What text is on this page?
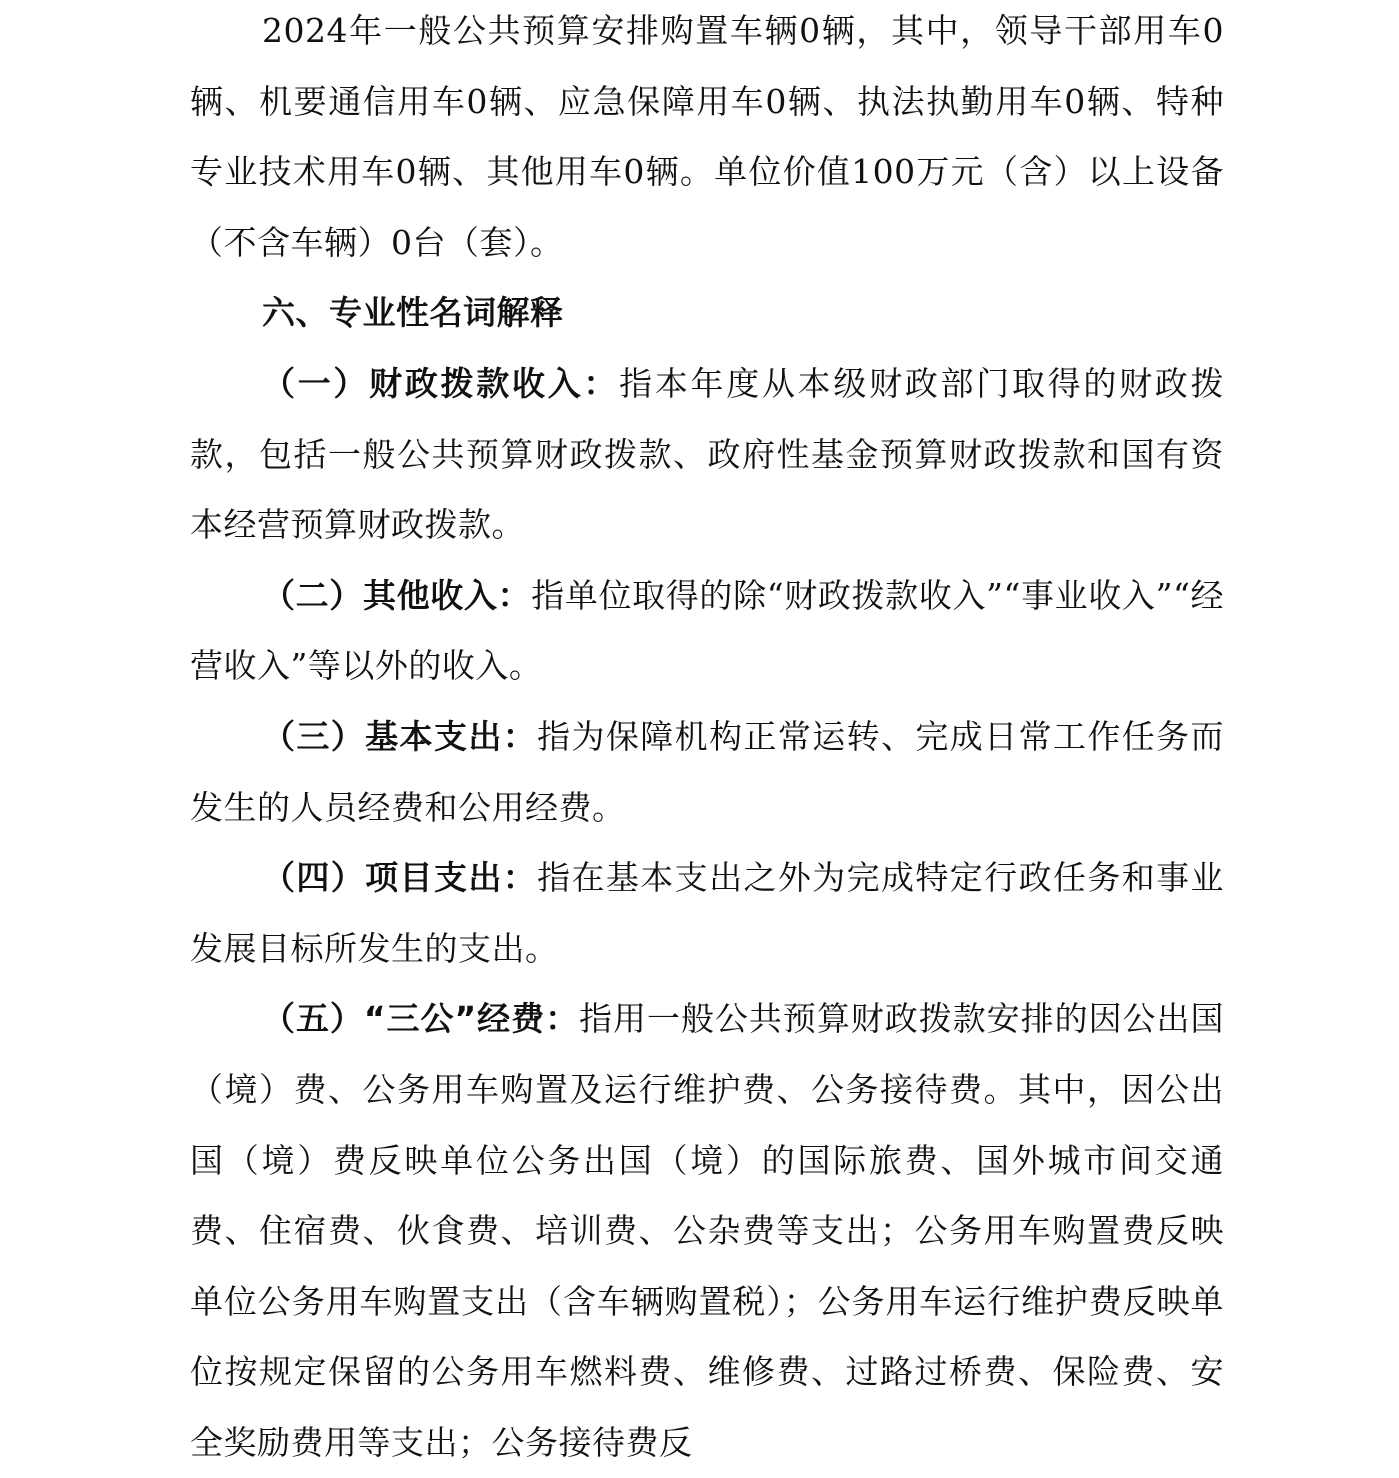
2024年一般公共预算安排购置车辆0辆，其中，领导干部用车0辆、机要通信用车0辆、应急保障用车0辆、执法执勤用车0辆、特种专业技术用车0辆、其他用车0辆。单位价值100万元（含）以上设备（不含车辆）0台（套）。

六、专业性名词解释

（一）财政拨款收入：指本年度从本级财政部门取得的财政拨款，包括一般公共预算财政拨款、政府性基金预算财政拨款和国有资本经营预算财政拨款。

（二）其他收入：指单位取得的除“财政拨款收入”“事业收入”“经营收入”等以外的收入。

（三）基本支出：指为保障机构正常运转、完成日常工作任务而发生的人员经费和公用经费。

（四）项目支出：指在基本支出之外为完成特定行政任务和事业发展目标所发生的支出。

（五）“三公”经费：指用一般公共预算财政拨款安排的因公出国（境）费、公务用车购置及运行维护费、公务接待费。其中，因公出国（境）费反映单位公务出国（境）的国际旅费、国外城市间交通费、住宿费、伙食费、培训费、公杂费等支出；公务用车购置费反映单位公务用车购置支出（含车辆购置税）；公务用车运行维护费反映单位按规定保留的公务用车燃料费、维修费、过路过桥费、保险费、安全奖励费用等支出；公务接待费反
